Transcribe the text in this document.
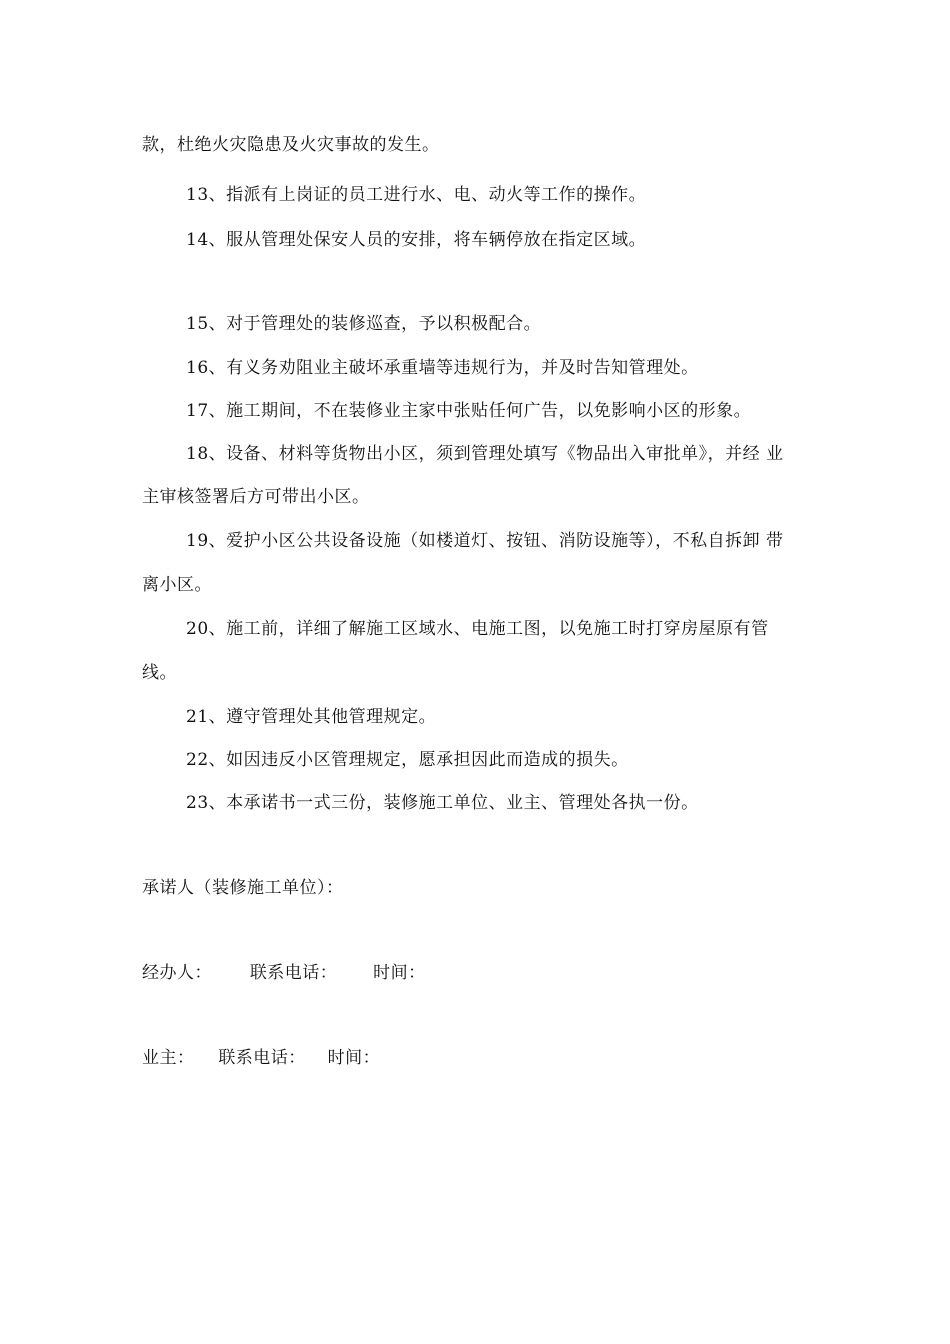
款，杜绝火灾隐患及火灾事故的发生。
13、指派有上岗证的员工进行水、电、动火等工作的操作。
14、服从管理处保安人员的安排，将车辆停放在指定区域。
15、对于管理处的装修巡查，予以积极配合。
16、有义务劝阻业主破坏承重墙等违规行为，并及时告知管理处。
17、施工期间，不在装修业主家中张贴任何广告，以免影响小区的形象。
18、设备、材料等货物出小区，须到管理处填写《物品出入审批单》，并经 业
主审核签署后方可带出小区。
19、爱护小区公共设备设施（如楼道灯、按钮、消防设施等），不私自拆卸 带
离小区。
20、施工前，详细了解施工区域水、电施工图，以免施工时打穿房屋原有管
线。
21、遵守管理处其他管理规定。
22、如因违反小区管理规定，愿承担因此而造成的损失。
23、本承诺书一式三份，装修施工单位、业主、管理处各执一份。
承诺人（装修施工单位）：
经办人： 联系电话： 时间：
业主： 联系电话： 时间：
